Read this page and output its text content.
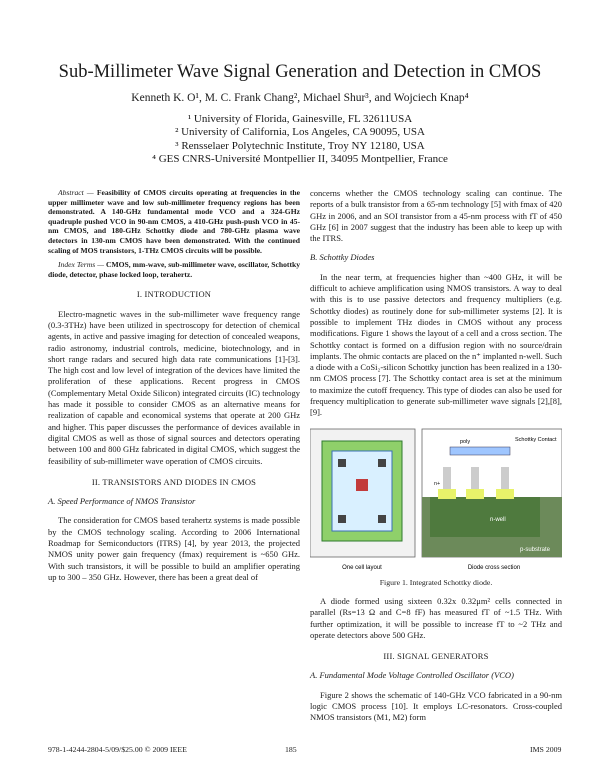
Sub-Millimeter Wave Signal Generation and Detection in CMOS
Kenneth K. O¹, M. C. Frank Chang², Michael Shur³, and Wojciech Knap⁴
¹ University of Florida, Gainesville, FL 32611USA
² University of California, Los Angeles, CA 90095, USA
³ Rensselaer Polytechnic Institute, Troy NY 12180, USA
⁴ GES CNRS-Université Montpellier II, 34095 Montpellier, France
Abstract — Feasibility of CMOS circuits operating at frequencies in the upper millimeter wave and low sub-millimeter frequency regions has been demonstrated. A 140-GHz fundamental mode VCO and a 324-GHz quadruple pushed VCO in 90-nm CMOS, a 410-GHz push-push VCO in 45-nm CMOS, and 180-GHz Schottky diode and 780-GHz plasma wave detectors in 130-nm CMOS have been demonstrated. With the continued scaling of MOS transistors, 1-THz CMOS circuits will be possible.
Index Terms — CMOS, mm-wave, sub-millimeter wave, oscillator, Schottky diode, detector, phase locked loop, terahertz.
I. INTRODUCTION

Electro-magnetic waves in the sub-millimeter wave frequency range (0.3-3THz) have been utilized in spectroscopy for detection of chemical agents, in active and passive imaging for detection of concealed weapons, radio astronomy, industrial controls, medicine, biotechnology, and in short range radars and secured high data rate communications [1]-[3]. The high cost and low level of integration of the devices have limited the proliferation of these applications. Recent progress in CMOS (Complementary Metal Oxide Silicon) integrated circuits (IC) technology has made it possible to consider CMOS as an alternative means for realization of capable and economical systems that operate at 200 GHz and higher. This paper discusses the performance of devices available in digital CMOS as well as those of signal sources and detectors operating between 100 and 800 GHz fabricated in digital CMOS, which suggest the feasibility of sub-millimeter wave operation of CMOS circuits.

II. TRANSISTORS AND DIODES IN CMOS
A. Speed Performance of NMOS Transistor

The consideration for CMOS based terahertz systems is made possible by the CMOS technology scaling. According to 2006 International Roadmap for Semiconductors (ITRS) [4], by year 2013, the projected NMOS unity power gain frequency (fmax) requirement is ~650 GHz. With such transistors, it will be possible to build an amplifier operating up to 300 – 350 GHz. However, there has been a great deal of

concerns whether the CMOS technology scaling can continue. The reports of a bulk transistor from a 65-nm technology [5] with fmax of 420 GHz in 2006, and an SOI transistor from a 45-nm process with fT of 450 GHz [6] in 2007 suggest that the industry has been able to keep up with the ITRS.

B. Schottky Diodes

In the near term, at frequencies higher than ~400 GHz, it will be difficult to achieve amplification using NMOS transistors. A way to deal with this is to use passive detectors and frequency multipliers (e.g. Schottky diodes) as routinely done for sub-millimeter systems [2]. It is possible to implement THz diodes in CMOS without any process modifications. Figure 1 shows the layout of a cell and a cross section. The Schottky contact is formed on a diffusion region with no source/drain implants. The ohmic contacts are placed on the n⁺ implanted n-well. Such a diode with a CoSi₂-silicon Schottky junction has been realized in a 130-nm CMOS process [7]. The Schottky contact area is set at the minimum to maximize the cutoff frequency. This type of diodes can also be used for frequency multiplication to generate sub-millimeter wave signals [2],[8],[9].

One cell layout
poly	Schottky Contact
n+
n-well
p-substrate
Diode cross section
Figure 1. Integrated Schottky diode.

A diode formed using sixteen 0.32x 0.32μm² cells connected in parallel (Rs=13 Ω and C=8 fF) has measured fT of ~1.5 THz. With further optimization, it will be possible to increase fT to ~2 THz and operate detectors above 500 GHz.

III. SIGNAL GENERATORS
A. Fundamental Mode Voltage Controlled Oscillator (VCO)

Figure 2 shows the schematic of 140-GHz VCO fabricated in a 90-nm logic CMOS process [10]. It employs LC-resonators. Cross-coupled NMOS transistors (M1, M2) form

978-1-4244-2804-5/09/$25.00 © 2009 IEEE	185	IMS 2009
